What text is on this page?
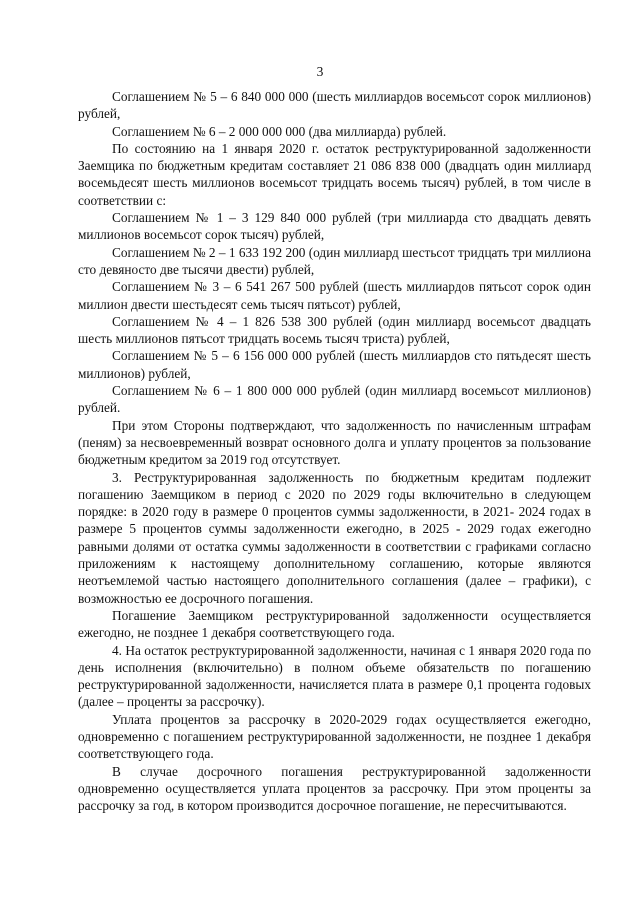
3

Соглашением № 5 – 6 840 000 000 (шесть миллиардов восемьсот сорок миллионов) рублей,

Соглашением № 6 – 2 000 000 000 (два миллиарда) рублей.

По состоянию на 1 января 2020 г. остаток реструктурированной задолженности Заемщика по бюджетным кредитам составляет 21 086 838 000 (двадцать один миллиард восемьдесят шесть миллионов восемьсот тридцать восемь тысяч) рублей, в том числе в соответствии с:

Соглашением № 1 – 3 129 840 000 рублей (три миллиарда сто двадцать девять миллионов восемьсот сорок тысяч) рублей,

Соглашением № 2 – 1 633 192 200 (один миллиард шестьсот тридцать три миллиона сто девяносто две тысячи двести) рублей,

Соглашением № 3 – 6 541 267 500 рублей (шесть миллиардов пятьсот сорок один миллион двести шестьдесят семь тысяч пятьсот) рублей,

Соглашением № 4 – 1 826 538 300 рублей (один миллиард восемьсот двадцать шесть миллионов пятьсот тридцать восемь тысяч триста) рублей,

Соглашением № 5 – 6 156 000 000 рублей (шесть миллиардов сто пятьдесят шесть миллионов) рублей,

Соглашением № 6 – 1 800 000 000 рублей (один миллиард восемьсот миллионов) рублей.

При этом Стороны подтверждают, что задолженность по начисленным штрафам (пеням) за несвоевременный возврат основного долга и уплату процентов за пользование бюджетным кредитом за 2019 год отсутствует.

3. Реструктурированная задолженность по бюджетным кредитам подлежит погашению Заемщиком в период с 2020 по 2029 годы включительно в следующем порядке: в 2020 году в размере 0 процентов суммы задолженности, в 2021- 2024 годах в размере 5 процентов суммы задолженности ежегодно, в 2025 - 2029 годах ежегодно равными долями от остатка суммы задолженности в соответствии с графиками согласно приложениям к настоящему дополнительному соглашению, которые являются неотъемлемой частью настоящего дополнительного соглашения (далее – графики), с возможностью ее досрочного погашения.

Погашение Заемщиком реструктурированной задолженности осуществляется ежегодно, не позднее 1 декабря соответствующего года.

4. На остаток реструктурированной задолженности, начиная с 1 января 2020 года по день исполнения (включительно) в полном объеме обязательств по погашению реструктурированной задолженности, начисляется плата в размере 0,1 процента годовых (далее – проценты за рассрочку).

Уплата процентов за рассрочку в 2020-2029 годах осуществляется ежегодно, одновременно с погашением реструктурированной задолженности, не позднее 1 декабря соответствующего года.

В случае досрочного погашения реструктурированной задолженности одновременно осуществляется уплата процентов за рассрочку. При этом проценты за рассрочку за год, в котором производится досрочное погашение, не пересчитываются.
